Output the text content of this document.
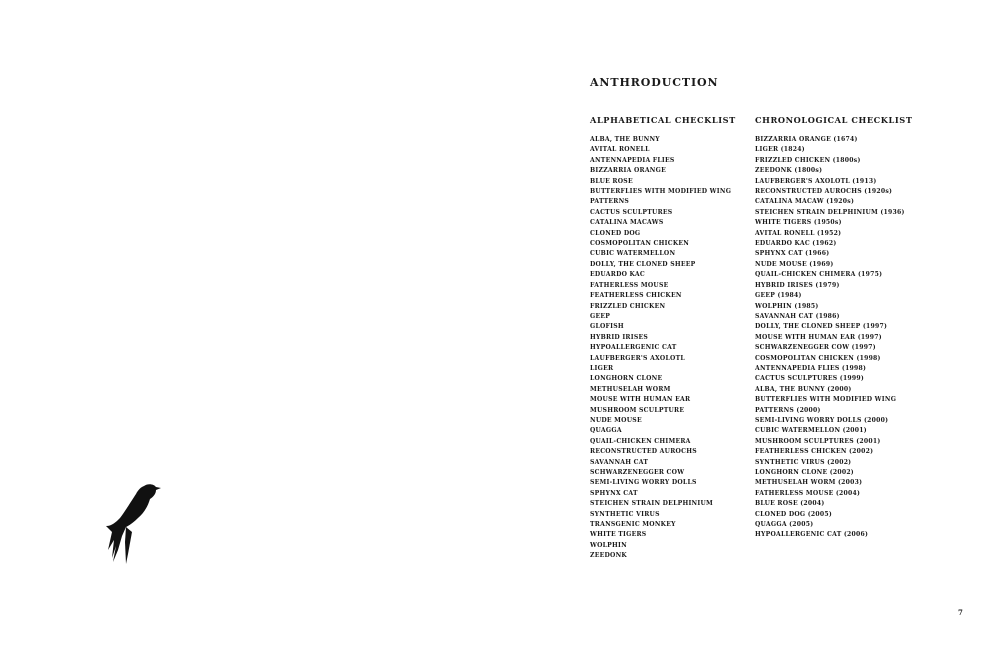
ANTHRODUCTION
ALPHABETICAL CHECKLIST
ALBA, THE BUNNY
AVITAL RONELL
ANTENNAPEDIA FLIES
BIZZARRIA ORANGE
BLUE ROSE
BUTTERFLIES WITH MODIFIED WING
PATTERNS
CACTUS SCULPTURES
CATALINA MACAWS
CLONED DOG
COSMOPOLITAN CHICKEN
CUBIC WATERMELLON
DOLLY, THE CLONED SHEEP
EDUARDO KAC
FATHERLESS MOUSE
FEATHERLESS CHICKEN
FRIZZLED CHICKEN
GEEP
GLOFISH
HYBRID IRISES
HYPOALLERGENIC CAT
LAUFBERGER'S AXOLOTL
LIGER
LONGHORN CLONE
METHUSELAH WORM
MOUSE WITH HUMAN EAR
MUSHROOM SCULPTURE
NUDE MOUSE
QUAGGA
QUAIL-CHICKEN CHIMERA
RECONSTRUCTED AUROCHS
SAVANNAH CAT
SCHWARZENEGGER COW
SEMI-LIVING WORRY DOLLS
SPHYNX CAT
STEICHEN STRAIN DELPHINIUM
SYNTHETIC VIRUS
TRANSGENIC MONKEY
WHITE TIGERS
WOLPHIN
ZEEDONK
CHRONOLOGICAL CHECKLIST
BIZZARRIA ORANGE (1674)
LIGER (1824)
FRIZZLED CHICKEN (1800s)
ZEEDONK (1800s)
LAUFBERGER'S AXOLOTL (1913)
RECONSTRUCTED AUROCHS (1920s)
CATALINA MACAW (1920s)
STEICHEN STRAIN DELPHINIUM (1936)
WHITE TIGERS (1950s)
AVITAL RONELL (1952)
EDUARDO KAC (1962)
SPHYNX CAT (1966)
NUDE MOUSE (1969)
QUAIL-CHICKEN CHIMERA (1975)
HYBRID IRISES (1979)
GEEP (1984)
WOLPHIN (1985)
SAVANNAH CAT (1986)
DOLLY, THE CLONED SHEEP (1997)
MOUSE WITH HUMAN EAR (1997)
SCHWARZENEGGER COW (1997)
COSMOPOLITAN CHICKEN (1998)
ANTENNAPEDIA FLIES (1998)
CACTUS SCULPTURES (1999)
ALBA, THE BUNNY (2000)
BUTTERFLIES WITH MODIFIED WING
PATTERNS (2000)
SEMI-LIVING WORRY DOLLS (2000)
CUBIC WATERMELLON (2001)
MUSHROOM SCULPTURES (2001)
FEATHERLESS CHICKEN (2002)
SYNTHETIC VIRUS (2002)
LONGHORN CLONE (2002)
METHUSELAH WORM (2003)
FATHERLESS MOUSE (2004)
BLUE ROSE (2004)
CLONED DOG (2005)
QUAGGA (2005)
HYPOALLERGENIC CAT (2006)
7
